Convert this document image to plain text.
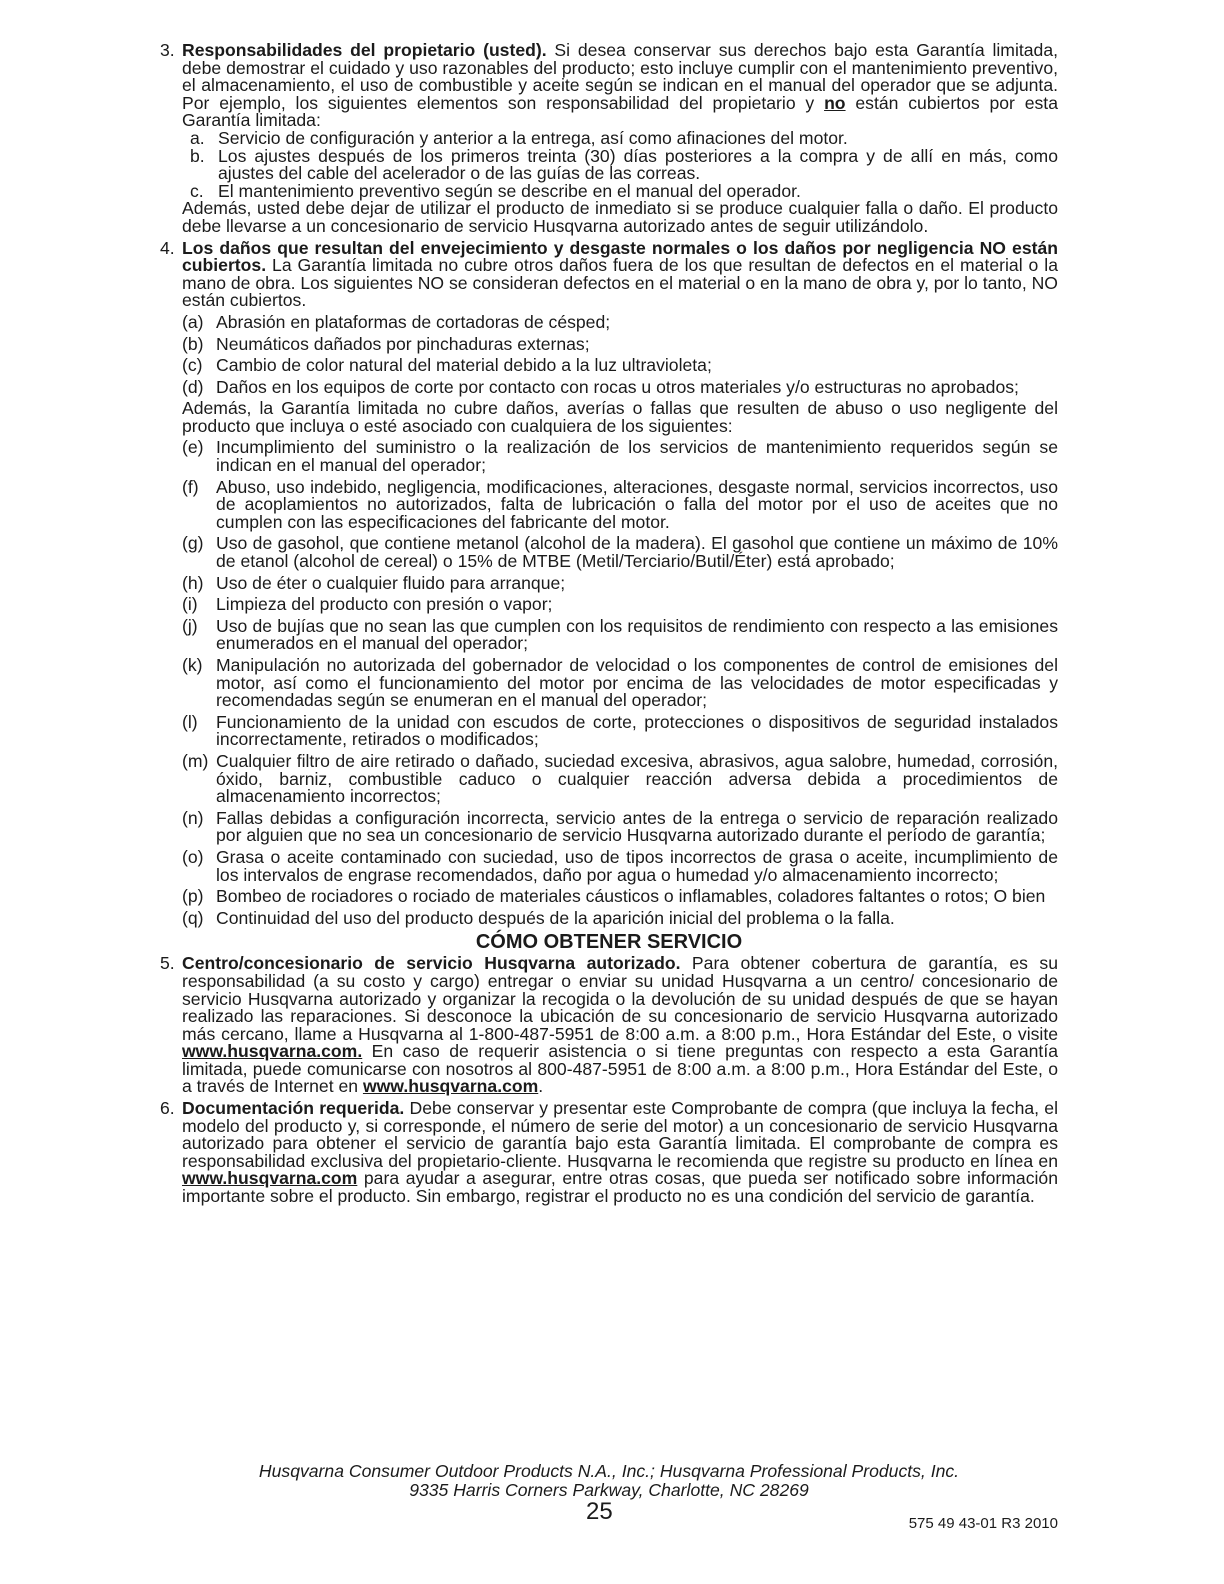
3. Responsabilidades del propietario (usted). Si desea conservar sus derechos bajo esta Garantía limitada, debe demostrar el cuidado y uso razonables del producto; esto incluye cumplir con el mantenimiento preventivo, el almacenamiento, el uso de combustible y aceite según se indican en el manual del operador que se adjunta. Por ejemplo, los siguientes elementos son responsabilidad del propietario y no están cubiertos por esta Garantía limitada:

a. Servicio de configuración y anterior a la entrega, así como afinaciones del motor.

b. Los ajustes después de los primeros treinta (30) días posteriores a la compra y de allí en más, como ajustes del cable del acelerador o de las guías de las correas.

c. El mantenimiento preventivo según se describe en el manual del operador.

Además, usted debe dejar de utilizar el producto de inmediato si se produce cualquier falla o daño. El producto debe llevarse a un concesionario de servicio Husqvarna autorizado antes de seguir utilizándolo.

4. Los daños que resultan del envejecimiento y desgaste normales o los daños por negligencia NO están cubiertos. La Garantía limitada no cubre otros daños fuera de los que resultan de defectos en el material o la mano de obra. Los siguientes NO se consideran defectos en el material o en la mano de obra y, por lo tanto, NO están cubiertos.

(a) Abrasión en plataformas de cortadoras de césped;

(b) Neumáticos dañados por pinchaduras externas;

(c) Cambio de color natural del material debido a la luz ultravioleta;

(d) Daños en los equipos de corte por contacto con rocas u otros materiales y/o estructuras no aprobados;

Además, la Garantía limitada no cubre daños, averías o fallas que resulten de abuso o uso negligente del producto que incluya o esté asociado con cualquiera de los siguientes:

(e) Incumplimiento del suministro o la realización de los servicios de mantenimiento requeridos según se indican en el manual del operador;

(f) Abuso, uso indebido, negligencia, modificaciones, alteraciones, desgaste normal, servicios incorrectos, uso de acoplamientos no autorizados, falta de lubricación o falla del motor por el uso de aceites que no cumplen con las especificaciones del fabricante del motor.

(g) Uso de gasohol, que contiene metanol (alcohol de la madera). El gasohol que contiene un máximo de 10% de etanol (alcohol de cereal) o 15% de MTBE (Metil/Terciario/Butil/Éter) está aprobado;

(h) Uso de éter o cualquier fluido para arranque;

(i) Limpieza del producto con presión o vapor;

(j) Uso de bujías que no sean las que cumplen con los requisitos de rendimiento con respecto a las emisiones enumerados en el manual del operador;

(k) Manipulación no autorizada del gobernador de velocidad o los componentes de control de emisiones del motor, así como el funcionamiento del motor por encima de las velocidades de motor especificadas y recomendadas según se enumeran en el manual del operador;

(l) Funcionamiento de la unidad con escudos de corte, protecciones o dispositivos de seguridad instalados incorrectamente, retirados o modificados;

(m) Cualquier filtro de aire retirado o dañado, suciedad excesiva, abrasivos, agua salobre, humedad, corrosión, óxido, barniz, combustible caduco o cualquier reacción adversa debida a procedimientos de almacenamiento incorrectos;

(n) Fallas debidas a configuración incorrecta, servicio antes de la entrega o servicio de reparación realizado por alguien que no sea un concesionario de servicio Husqvarna autorizado durante el período de garantía;

(o) Grasa o aceite contaminado con suciedad, uso de tipos incorrectos de grasa o aceite, incumplimiento de los intervalos de engrase recomendados, daño por agua o humedad y/o almacenamiento incorrecto;

(p) Bombeo de rociadores o rociado de materiales cáusticos o inflamables, coladores faltantes o rotos; O bien

(q) Continuidad del uso del producto después de la aparición inicial del problema o la falla.

CÓMO OBTENER SERVICIO
5. Centro/concesionario de servicio Husqvarna autorizado. Para obtener cobertura de garantía, es su responsabilidad (a su costo y cargo) entregar o enviar su unidad Husqvarna a un centro/ concesionario de servicio Husqvarna autorizado y organizar la recogida o la devolución de su unidad después de que se hayan realizado las reparaciones. Si desconoce la ubicación de su concesionario de servicio Husqvarna autorizado más cercano, llame a Husqvarna al 1-800-487-5951 de 8:00 a.m. a 8:00 p.m., Hora Estándar del Este, o visite www.husqvarna.com. En caso de requerir asistencia o si tiene preguntas con respecto a esta Garantía limitada, puede comunicarse con nosotros al 800-487-5951 de 8:00 a.m. a 8:00 p.m., Hora Estándar del Este, o a través de Internet en www.husqvarna.com.

6. Documentación requerida. Debe conservar y presentar este Comprobante de compra (que incluya la fecha, el modelo del producto y, si corresponde, el número de serie del motor) a un concesionario de servicio Husqvarna autorizado para obtener el servicio de garantía bajo esta Garantía limitada. El comprobante de compra es responsabilidad exclusiva del propietario-cliente. Husqvarna le recomienda que registre su producto en línea en www.husqvarna.com para ayudar a asegurar, entre otras cosas, que pueda ser notificado sobre información importante sobre el producto. Sin embargo, registrar el producto no es una condición del servicio de garantía.

Husqvarna Consumer Outdoor Products N.A., Inc.; Husqvarna Professional Products, Inc.
9335 Harris Corners Parkway, Charlotte, NC 28269
25	575 49 43-01 R3 2010
